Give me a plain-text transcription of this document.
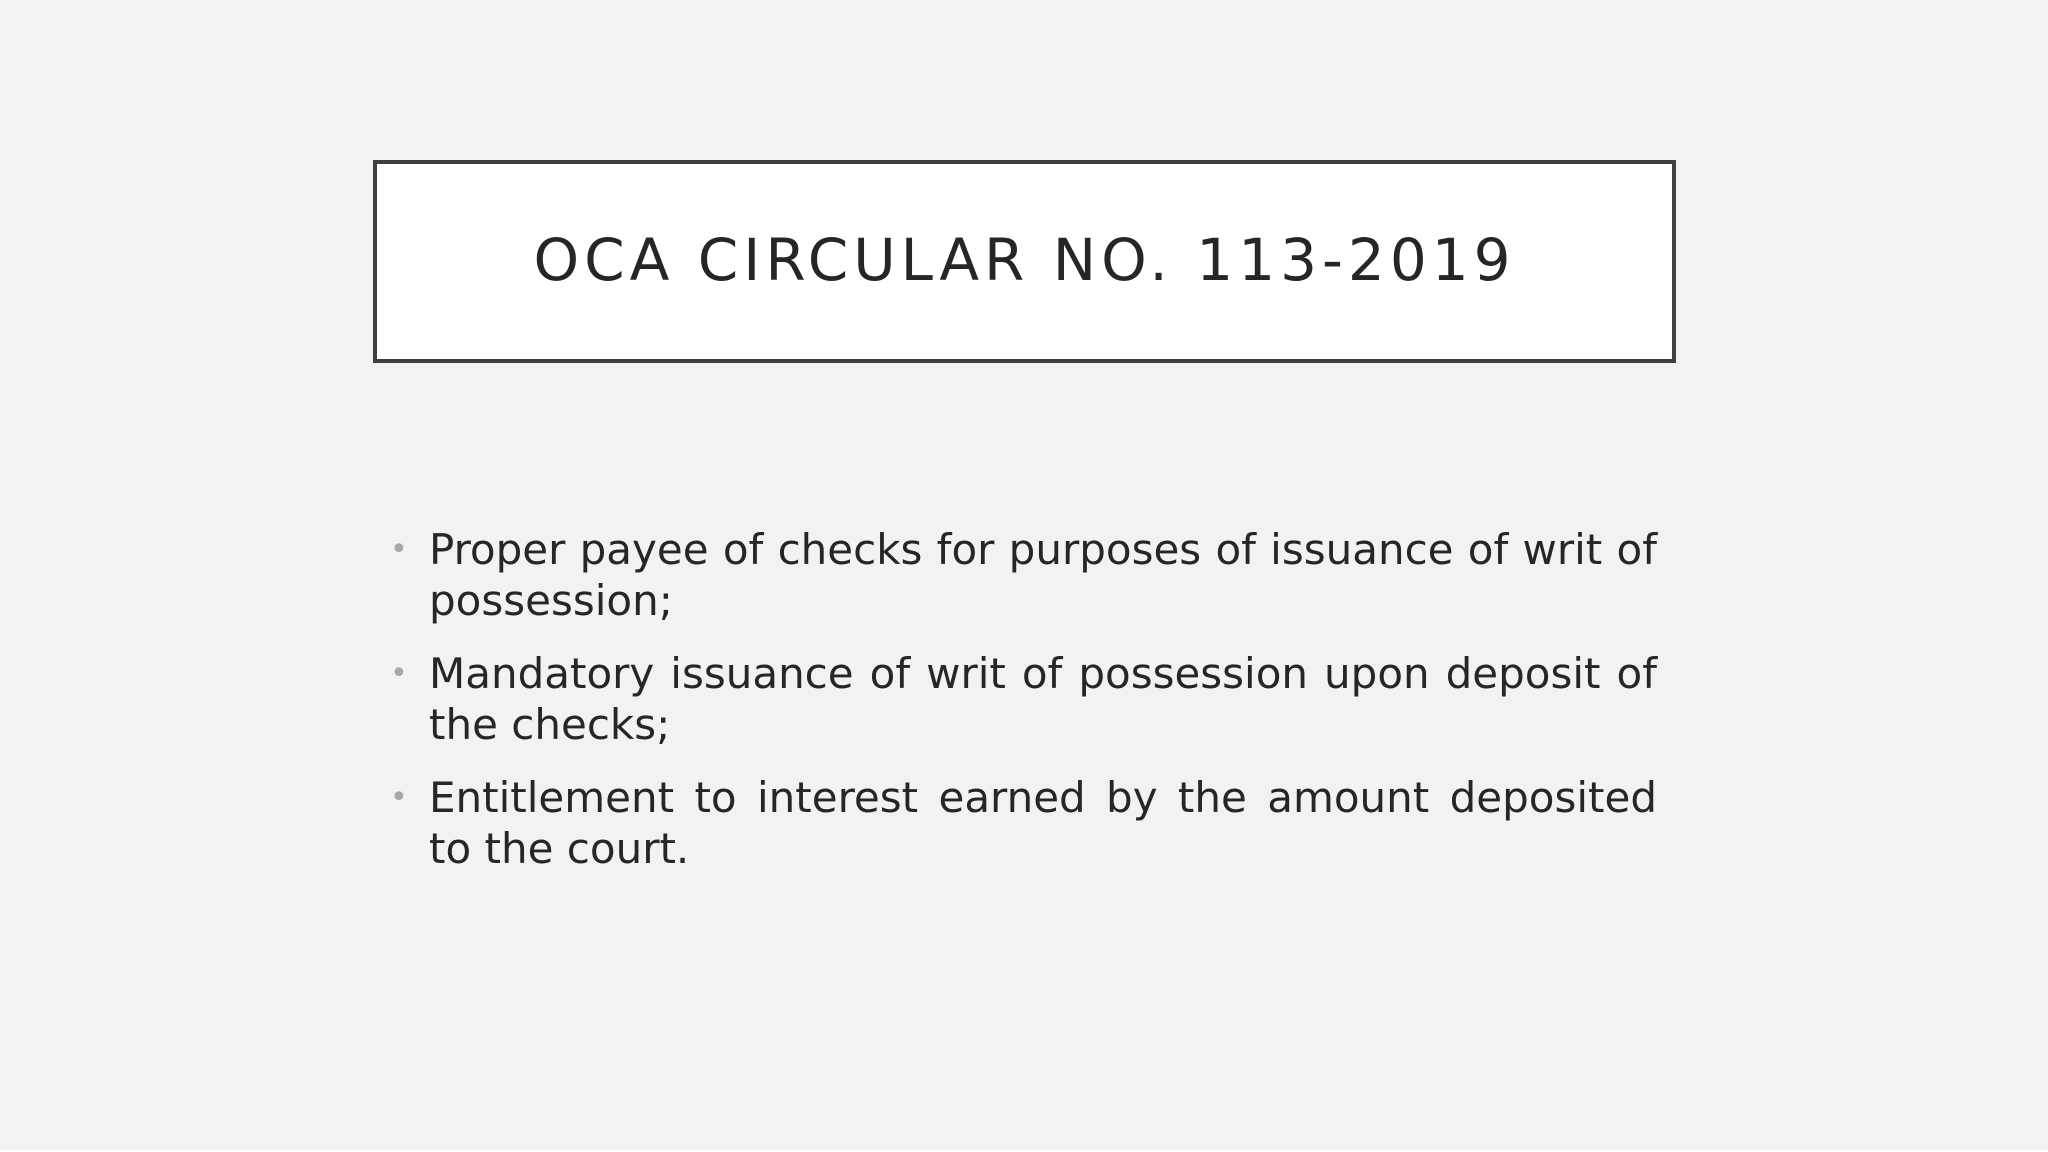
OCA CIRCULAR NO. 113-2019
• Proper payee of checks for purposes of issuance of writ of possession;
• Mandatory issuance of writ of possession upon deposit of the checks;
• Entitlement to interest earned by the amount deposited to the court.
